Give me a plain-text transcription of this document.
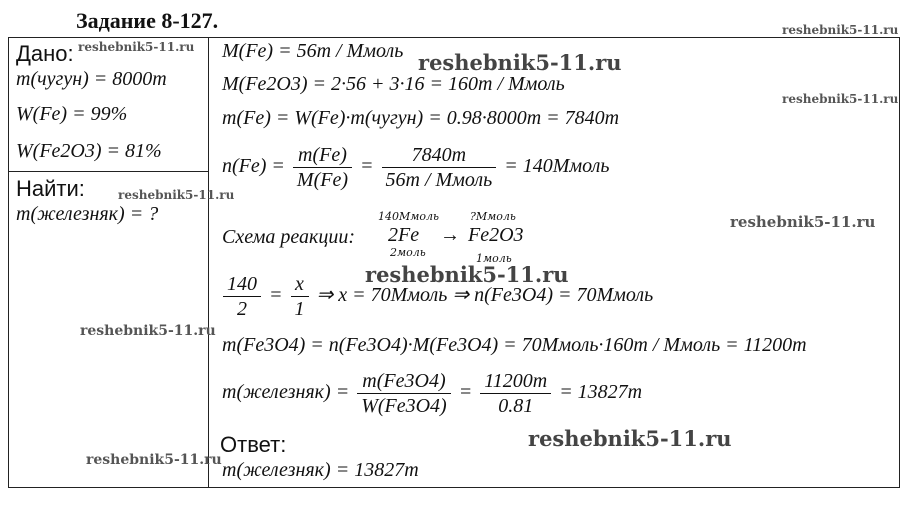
Задание 8-127.
Дано:
m(чугун) = 8000т
W(Fe) = 99%
W(Fe2O3) = 81%
Найти:
m(железняк) = ?
M(Fe) = 56т / Ммоль
M(Fe2O3) = 2·56 + 3·16 = 160т / Ммоль
m(Fe) = W(Fe)·m(чугун) = 0.98·8000т = 7840т
$n(Fe) = \frac{m(Fe)}{M(Fe)} = \frac{7840т}{\text{56т / Ммоль}}$ = 140Ммоль
Схема реакции:
140Ммоль	?Ммоль
2Fe → Fe2O3
2моль	1моль
$\frac{140}{2} = \frac{x}{1}$ ⇒ x = 70Ммоль ⇒ n(Fe3O4) = 70Ммоль
m(Fe3O4) = n(Fe3O4)·M(Fe3O4) = 70Ммоль·160т / Ммоль = 11200т
m(железняк) = $\frac{m(Fe3O4)}{W(Fe3O4)} = \frac{11200т}{0.81} = 13827т$
Ответ:
m(железняк) = 13827т
reshebnik5-11.ru
reshebnik5-11.ru
reshebnik5-11.ru
reshebnik5-11.ru
reshebnik5-11.ru
reshebnik5-11.ru
reshebnik5-11.ru
reshebnik5-11.ru
reshebnik5-11.ru
reshebnik5-11.ru
